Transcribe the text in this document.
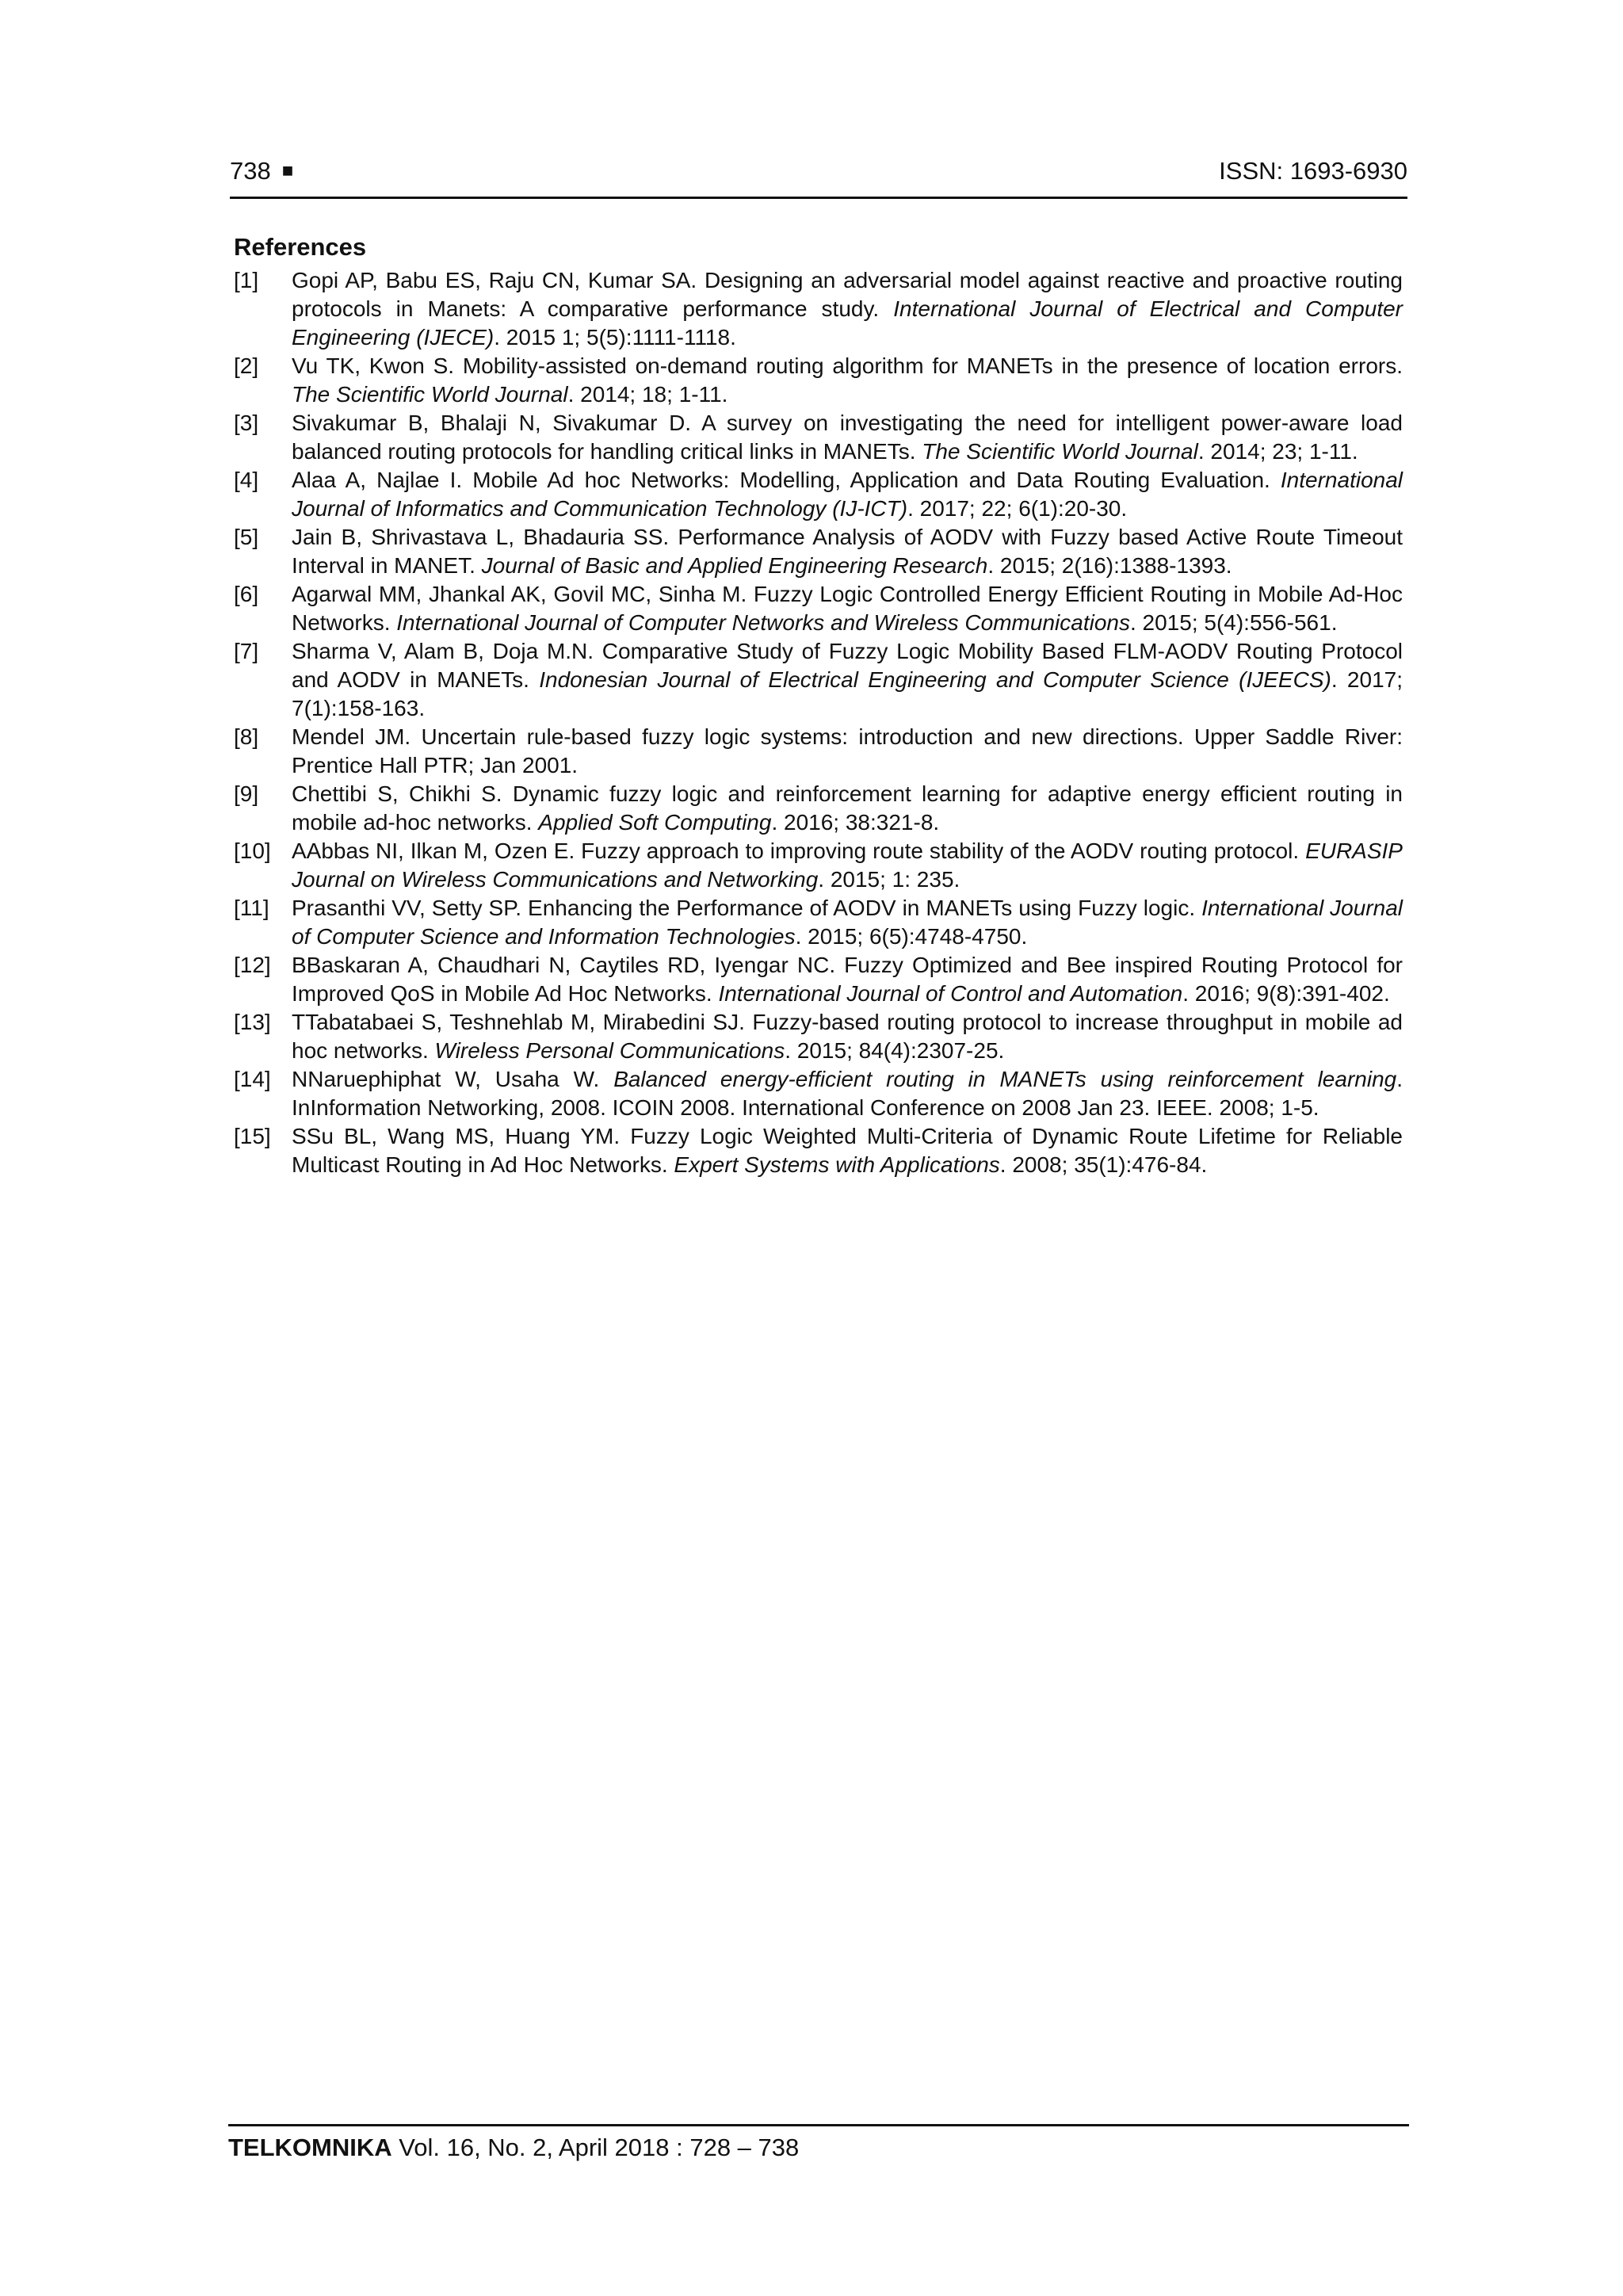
738 ■	ISSN: 1693-6930
References
[1] Gopi AP, Babu ES, Raju CN, Kumar SA. Designing an adversarial model against reactive and proactive routing protocols in Manets: A comparative performance study. International Journal of Electrical and Computer Engineering (IJECE). 2015 1; 5(5):1111-1118.
[2] Vu TK, Kwon S. Mobility-assisted on-demand routing algorithm for MANETs in the presence of location errors. The Scientific World Journal. 2014; 18; 1-11.
[3] Sivakumar B, Bhalaji N, Sivakumar D. A survey on investigating the need for intelligent power-aware load balanced routing protocols for handling critical links in MANETs. The Scientific World Journal. 2014; 23; 1-11.
[4] Alaa A, Najlae I. Mobile Ad hoc Networks: Modelling, Application and Data Routing Evaluation. International Journal of Informatics and Communication Technology (IJ-ICT). 2017; 22; 6(1):20-30.
[5] Jain B, Shrivastava L, Bhadauria SS. Performance Analysis of AODV with Fuzzy based Active Route Timeout Interval in MANET. Journal of Basic and Applied Engineering Research. 2015; 2(16):1388-1393.
[6] Agarwal MM, Jhankal AK, Govil MC, Sinha M. Fuzzy Logic Controlled Energy Efficient Routing in Mobile Ad-Hoc Networks. International Journal of Computer Networks and Wireless Communications. 2015; 5(4):556-561.
[7] Sharma V, Alam B, Doja M.N. Comparative Study of Fuzzy Logic Mobility Based FLM-AODV Routing Protocol and AODV in MANETs. Indonesian Journal of Electrical Engineering and Computer Science (IJEECS). 2017; 7(1):158-163.
[8] Mendel JM. Uncertain rule-based fuzzy logic systems: introduction and new directions. Upper Saddle River: Prentice Hall PTR; Jan 2001.
[9] Chettibi S, Chikhi S. Dynamic fuzzy logic and reinforcement learning for adaptive energy efficient routing in mobile ad-hoc networks. Applied Soft Computing. 2016; 38:321-8.
[10] AAbbas NI, Ilkan M, Ozen E. Fuzzy approach to improving route stability of the AODV routing protocol. EURASIP Journal on Wireless Communications and Networking. 2015; 1: 235.
[11] Prasanthi VV, Setty SP. Enhancing the Performance of AODV in MANETs using Fuzzy logic. International Journal of Computer Science and Information Technologies. 2015; 6(5):4748-4750.
[12] BBaskaran A, Chaudhari N, Caytiles RD, Iyengar NC. Fuzzy Optimized and Bee inspired Routing Protocol for Improved QoS in Mobile Ad Hoc Networks. International Journal of Control and Automation. 2016; 9(8):391-402.
[13] TTabatabaei S, Teshnehlab M, Mirabedini SJ. Fuzzy-based routing protocol to increase throughput in mobile ad hoc networks. Wireless Personal Communications. 2015; 84(4):2307-25.
[14] NNaruephiphat W, Usaha W. Balanced energy-efficient routing in MANETs using reinforcement learning. InInformation Networking, 2008. ICOIN 2008. International Conference on 2008 Jan 23. IEEE. 2008; 1-5.
[15] SSu BL, Wang MS, Huang YM. Fuzzy Logic Weighted Multi-Criteria of Dynamic Route Lifetime for Reliable Multicast Routing in Ad Hoc Networks. Expert Systems with Applications. 2008; 35(1):476-84.
TELKOMNIKA Vol. 16, No. 2, April 2018 : 728 – 738
